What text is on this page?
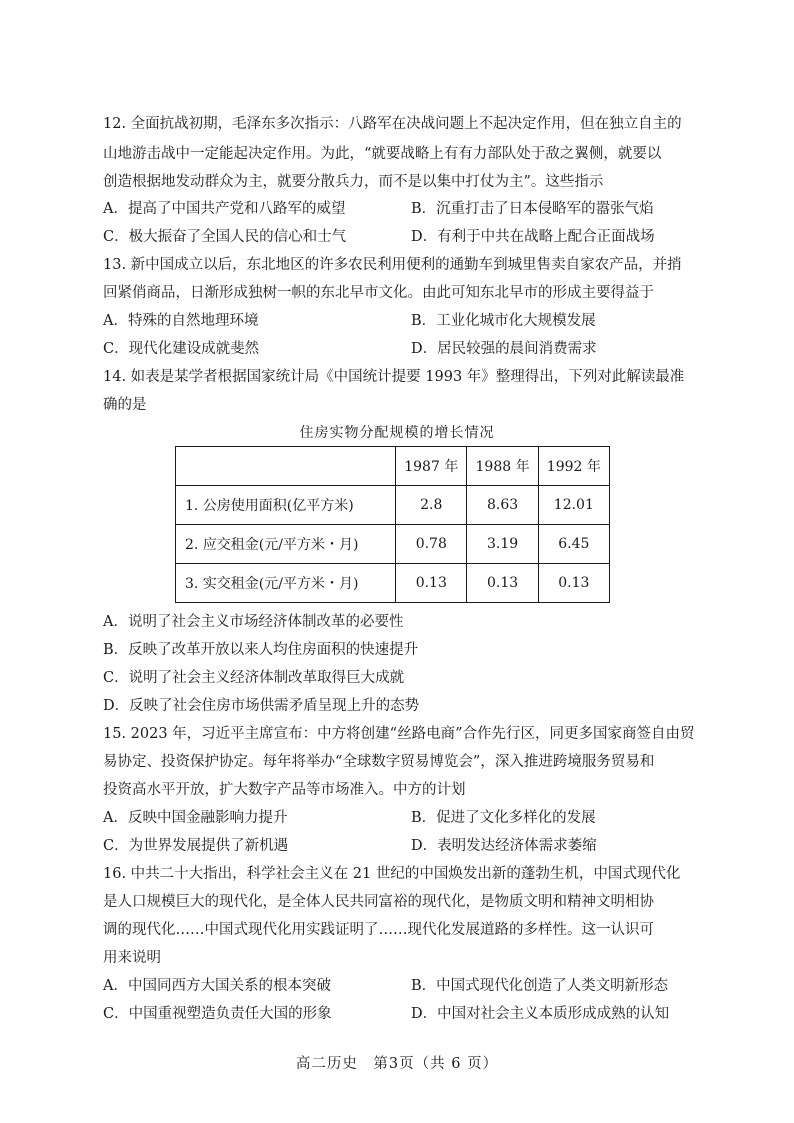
12. 全面抗战初期，毛泽东多次指示：八路军在决战问题上不起决定作用，但在独立自主的
山地游击战中一定能起决定作用。为此，“就要战略上有有力部队处于敌之翼侧，就要以
创造根据地发动群众为主，就要分散兵力，而不是以集中打仗为主”。这些指示
A．提高了中国共产党和八路军的威望	B．沉重打击了日本侵略军的嚣张气焰
C．极大振奋了全国人民的信心和士气	D．有利于中共在战略上配合正面战场
13. 新中国成立以后，东北地区的许多农民利用便利的通勤车到城里售卖自家农产品，并捎
回紧俏商品，日渐形成独树一帜的东北早市文化。由此可知东北早市的形成主要得益于
A．特殊的自然地理环境	B．工业化城市化大规模发展
C．现代化建设成就斐然	D．居民较强的晨间消费需求
14. 如表是某学者根据国家统计局《中国统计提要 1993 年》整理得出，下列对此解读最准
确的是
住房实物分配规模的增长情况
	1987 年	1988 年	1992 年
1. 公房使用面积(亿平方米)	2.8	8.63	12.01
2. 应交租金(元/平方米・月)	0.78	3.19	6.45
3. 实交租金(元/平方米・月)	0.13	0.13	0.13
A．说明了社会主义市场经济体制改革的必要性
B．反映了改革开放以来人均住房面积的快速提升
C．说明了社会主义经济体制改革取得巨大成就
D．反映了社会住房市场供需矛盾呈现上升的态势
15. 2023 年，习近平主席宣布：中方将创建“丝路电商”合作先行区，同更多国家商签自由贸
易协定、投资保护协定。每年将举办“全球数字贸易博览会”，深入推进跨境服务贸易和
投资高水平开放，扩大数字产品等市场准入。中方的计划
A．反映中国金融影响力提升	B．促进了文化多样化的发展
C．为世界发展提供了新机遇	D．表明发达经济体需求萎缩
16. 中共二十大指出，科学社会主义在 21 世纪的中国焕发出新的蓬勃生机，中国式现代化
是人口规模巨大的现代化，是全体人民共同富裕的现代化，是物质文明和精神文明相协
调的现代化……中国式现代化用实践证明了……现代化发展道路的多样性。这一认识可
用来说明
A．中国同西方大国关系的根本突破	B．中国式现代化创造了人类文明新形态
C．中国重视塑造负责任大国的形象	D．中国对社会主义本质形成成熟的认知
高二历史　第3页（共 6 页）
